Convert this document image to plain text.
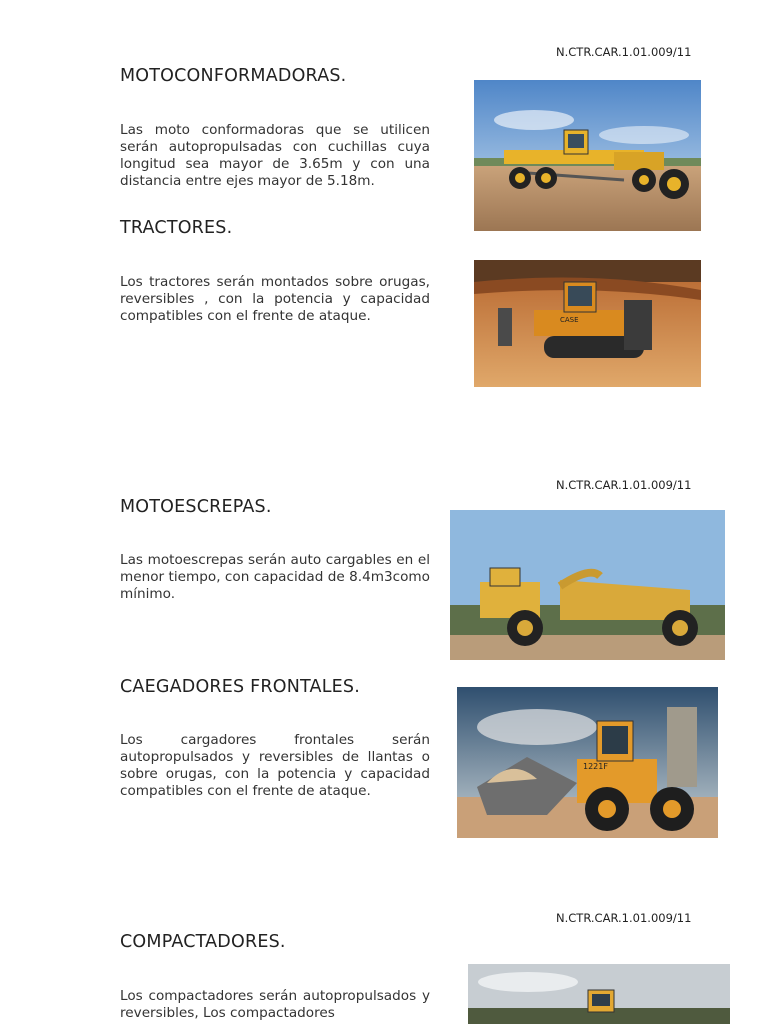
N.CTR.CAR.1.01.009/11
MOTOCONFORMADORAS.

Las moto conformadoras que se utilicen serán autopropulsadas con cuchillas cuya longitud sea mayor de 3.65m y con una distancia entre ejes mayor de 5.18m.

TRACTORES.

Los tractores serán montados sobre orugas, reversibles , con la potencia y capacidad compatibles con el frente de ataque.	CASE
N.CTR.CAR.1.01.009/11
MOTOESCREPAS.

Las motoescrepas serán auto cargables en el menor tiempo, con capacidad de 8.4m3como mínimo.

CAEGADORES FRONTALES.

Los cargadores frontales serán autopropulsados y reversibles de llantas o sobre orugas, con la potencia y capacidad compatibles con el frente de ataque.

1221F
N.CTR.CAR.1.01.009/11
COMPACTADORES.

Los compactadores serán autopropulsados y reversibles, Los compactadores
